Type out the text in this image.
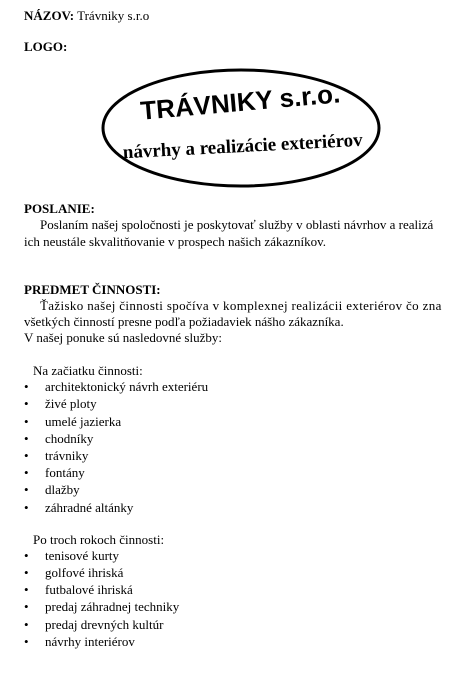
NÁZOV: Trávniky s.r.o
LOGO:
TRÁVNIKY s.r.o.
návrhy a realizácie exteriérov
POSLANIE:
Poslaním našej spoločnosti je poskytovať služby v oblasti návrhov a realizá
ich neustále skvalitňovanie v prospech našich zákazníkov.
PREDMET ČINNOSTI:
Ťažisko našej činnosti spočíva v komplexnej realizácii exteriérov čo zna
všetkých činností presne podľa požiadaviek nášho zákazníka.
V našej ponuke sú nasledovné služby:
Na začiatku činnosti:
•	architektonický návrh exteriéru
•	živé ploty
•	umelé jazierka
•	chodníky
•	trávniky
•	fontány
•	dlažby
•	záhradné altánky
Po troch rokoch činnosti:
•	tenisové kurty
•	golfové ihriská
•	futbalové ihriská
•	predaj záhradnej techniky
•	predaj drevných kultúr
•	návrhy interiérov
